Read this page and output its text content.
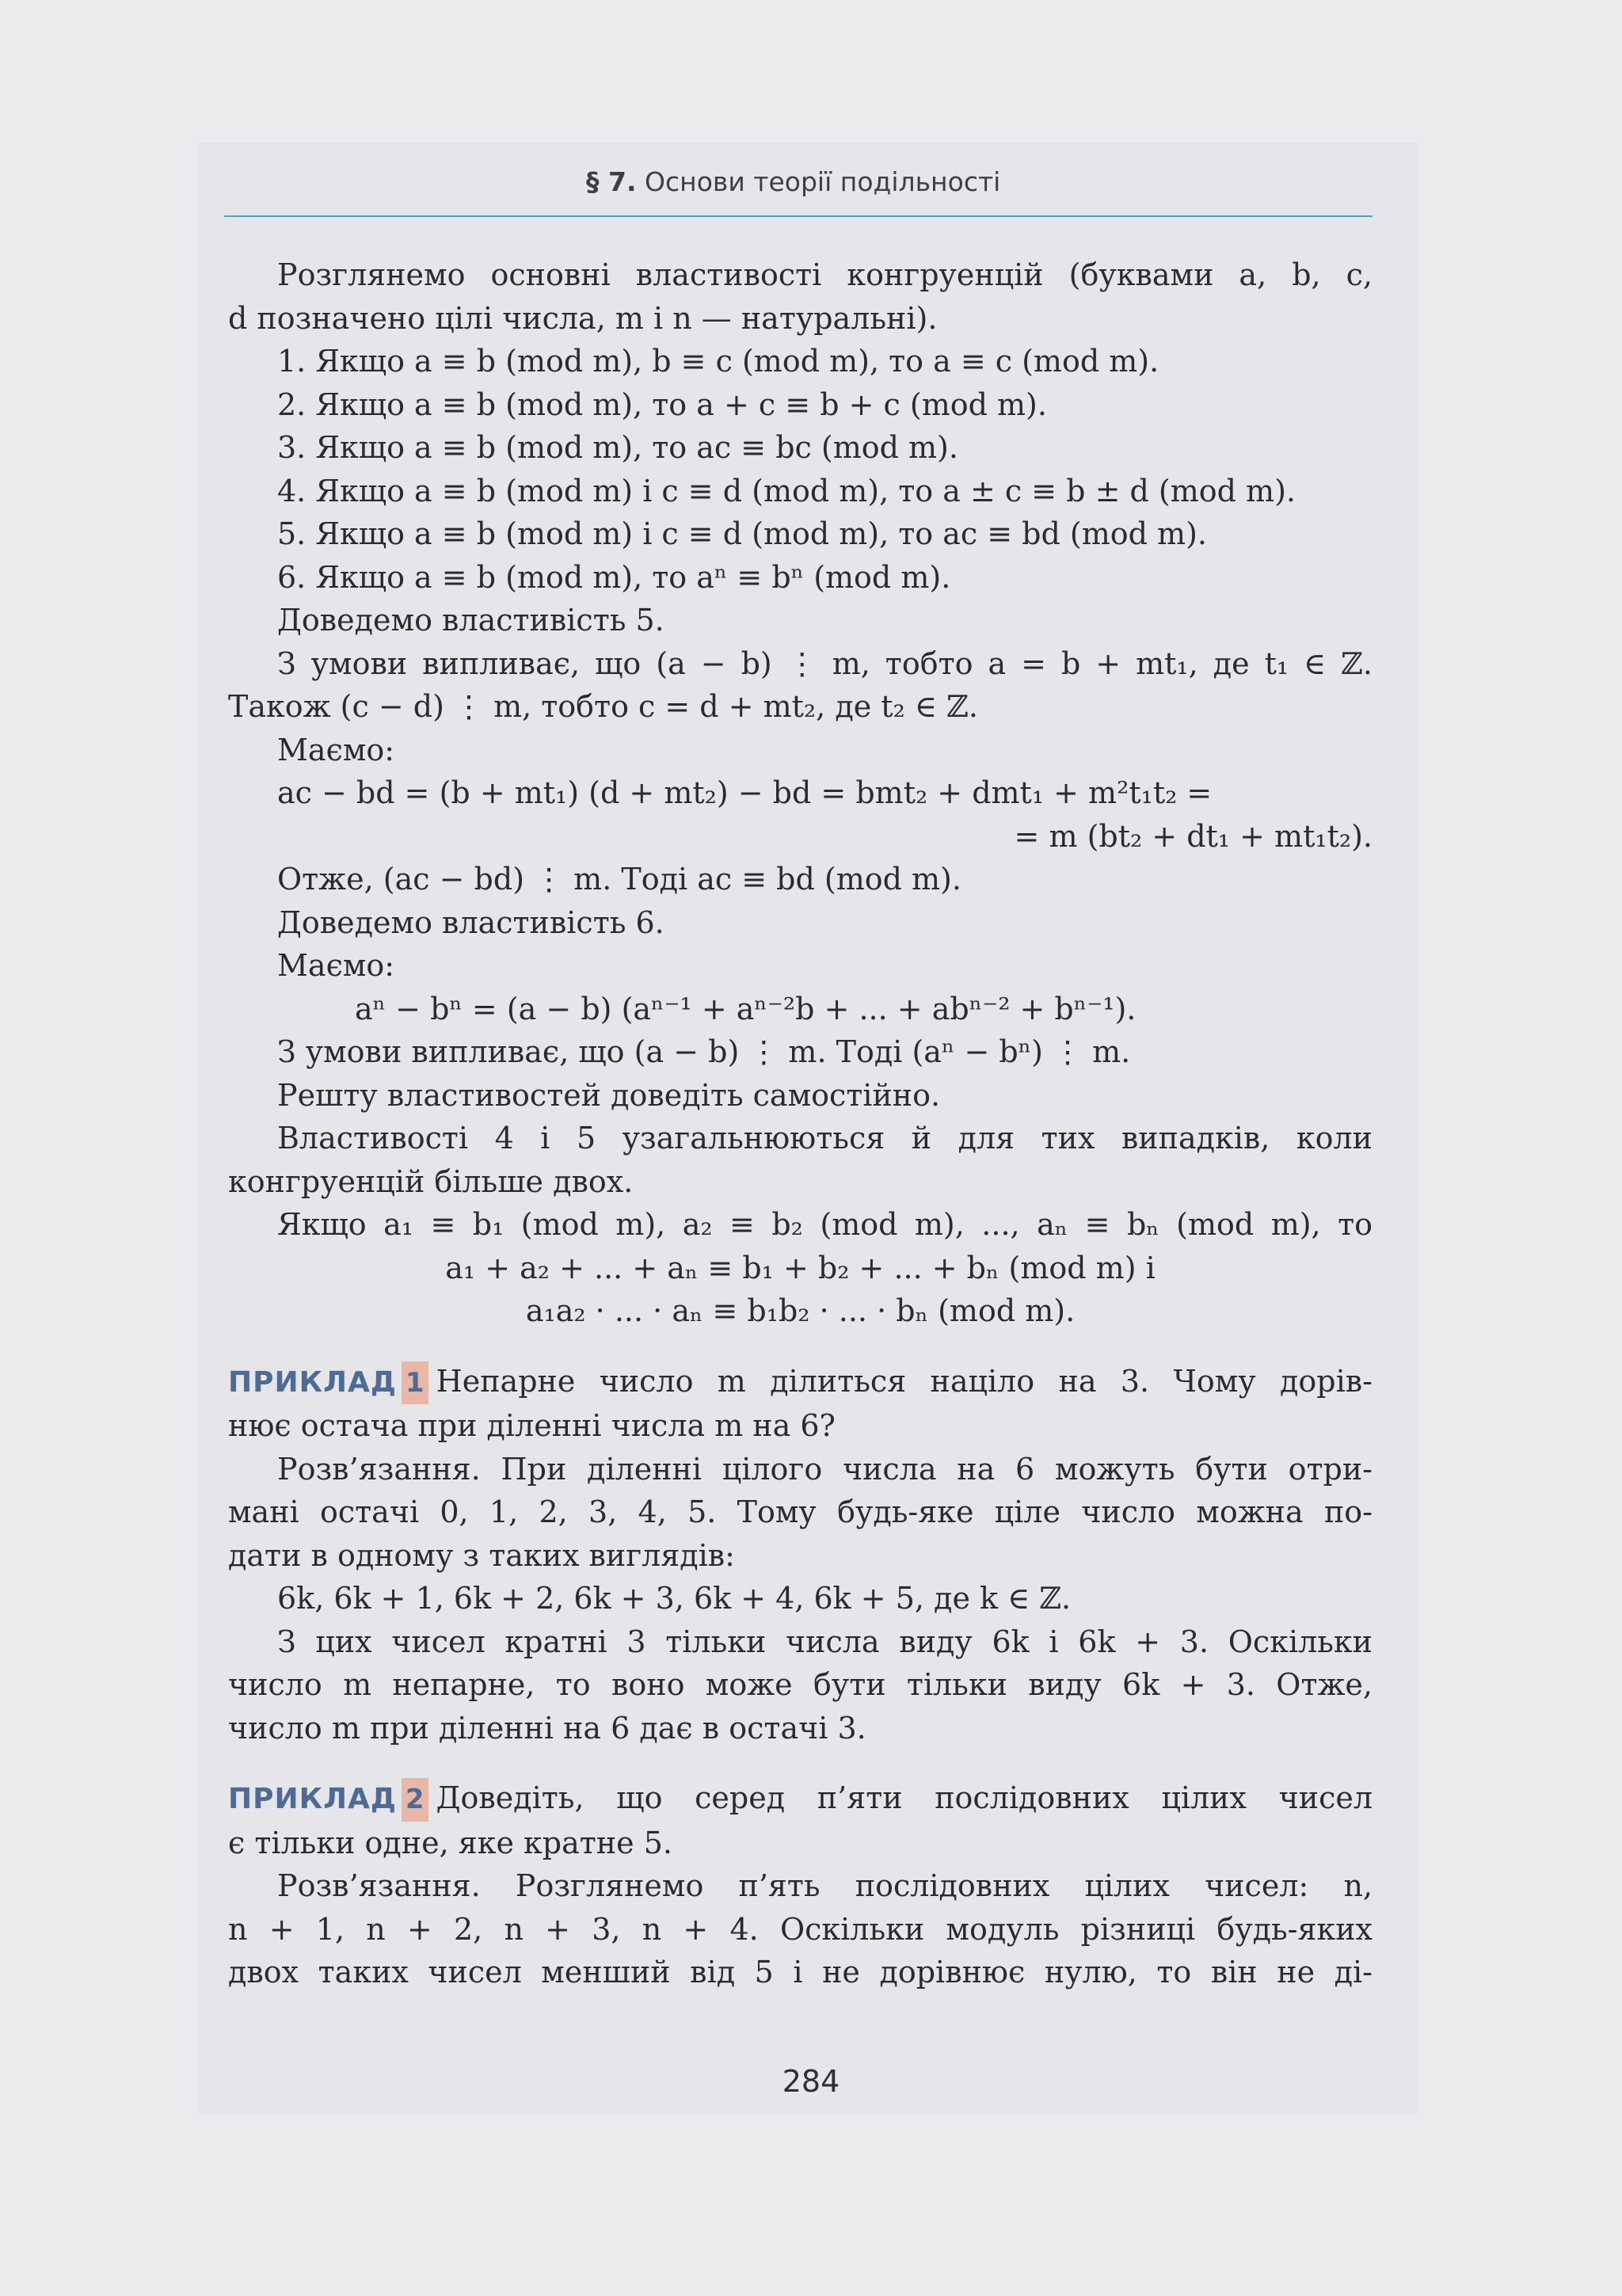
§ 7. Основи теорії подільності

Розглянемо основні властивості конгруенцій (буквами a, b, c,

d позначено цілі числа, m і n — натуральні).

1. Якщо a ≡ b (mod m), b ≡ c (mod m), то a ≡ c (mod m).

2. Якщо a ≡ b (mod m), то a + c ≡ b + c (mod m).

3. Якщо a ≡ b (mod m), то ac ≡ bc (mod m).

4. Якщо a ≡ b (mod m) і c ≡ d (mod m), то a ± c ≡ b ± d (mod m).

5. Якщо a ≡ b (mod m) і c ≡ d (mod m), то ac ≡ bd (mod m).

6. Якщо a ≡ b (mod m), то aⁿ ≡ bⁿ (mod m).

Доведемо властивість 5.

З умови випливає, що (a − b) ⋮ m, тобто a = b + mt₁, де t₁ ∈ ℤ.

Також (c − d) ⋮ m, тобто c = d + mt₂, де t₂ ∈ ℤ.

Маємо:

ac − bd = (b + mt₁) (d + mt₂) − bd = bmt₂ + dmt₁ + m²t₁t₂ =

= m (bt₂ + dt₁ + mt₁t₂).

Отже, (ac − bd) ⋮ m. Тоді ac ≡ bd (mod m).

Доведемо властивість 6.

Маємо:

aⁿ − bⁿ = (a − b) (aⁿ⁻¹ + aⁿ⁻²b + ... + abⁿ⁻² + bⁿ⁻¹).

З умови випливає, що (a − b) ⋮ m. Тоді (aⁿ − bⁿ) ⋮ m.

Решту властивостей доведіть самостійно.

Властивості 4 і 5 узагальнюються й для тих випадків, коли

конгруенцій більше двох.

Якщо a₁ ≡ b₁ (mod m), a₂ ≡ b₂ (mod m), ..., aₙ ≡ bₙ (mod m), то

a₁ + a₂ + ... + aₙ ≡ b₁ + b₂ + ... + bₙ (mod m) і

a₁a₂ · ... · aₙ ≡ b₁b₂ · ... · bₙ (mod m).

ПРИКЛАД 1 Непарне число m ділиться націло на 3. Чому дорів-

нює остача при діленні числа m на 6?

Розв’язання. При діленні цілого числа на 6 можуть бути отри-

мані остачі 0, 1, 2, 3, 4, 5. Тому будь-яке ціле число можна по-

дати в одному з таких виглядів:

6k, 6k + 1, 6k + 2, 6k + 3, 6k + 4, 6k + 5, де k ∈ ℤ.

З цих чисел кратні 3 тільки числа виду 6k і 6k + 3. Оскільки

число m непарне, то воно може бути тільки виду 6k + 3. Отже,

число m при діленні на 6 дає в остачі 3.

ПРИКЛАД 2 Доведіть, що серед п’яти послідовних цілих чисел

є тільки одне, яке кратне 5.

Розв’язання. Розглянемо п’ять послідовних цілих чисел: n,

n + 1, n + 2, n + 3, n + 4. Оскільки модуль різниці будь-яких

двох таких чисел менший від 5 і не дорівнює нулю, то він не ді-

284
